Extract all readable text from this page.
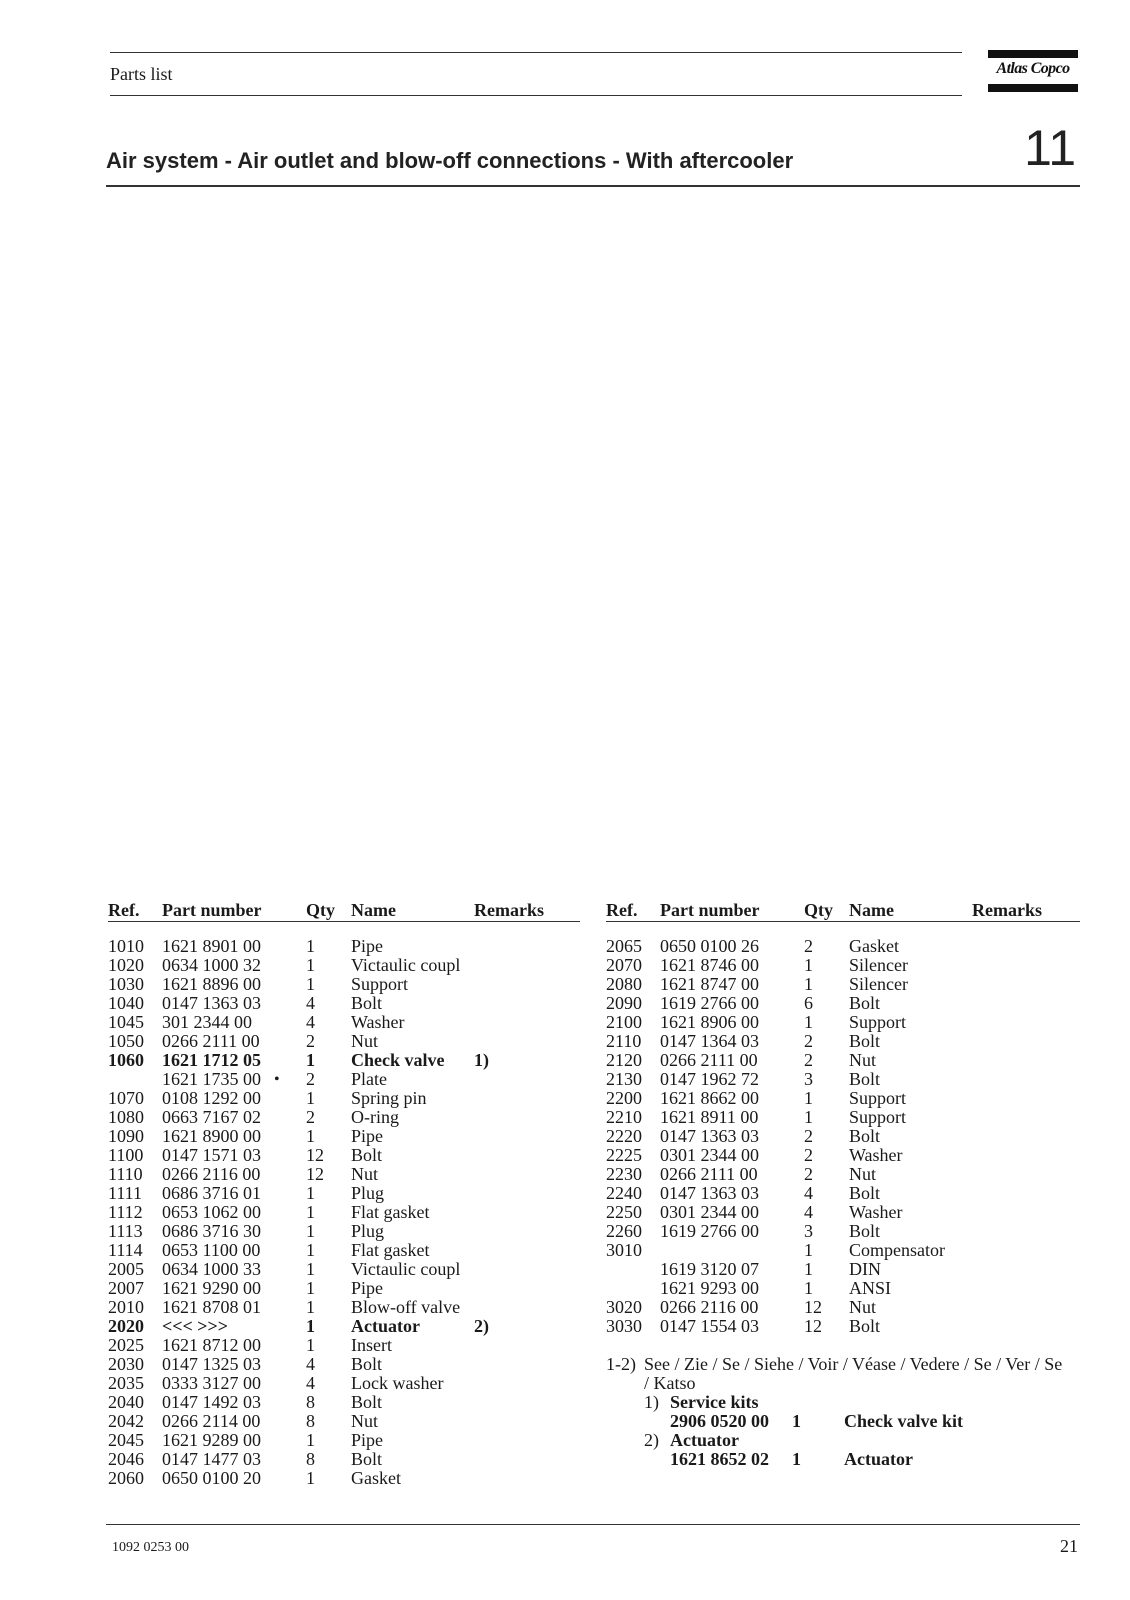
Parts list	Atlas Copco
Air system - Air outlet and blow-off connections - With aftercooler	11
Ref. Part number Qty Name	Remarks
1010 1621 8901 00	1 Pipe
1020 0634 1000 32	1 Victaulic coupl
1030 1621 8896 00	1 Support
1040 0147 1363 03	4 Bolt
1045 301 2344 00	4 Washer
1050 0266 2111 00	2 Nut
1060 1621 1712 05	1 Check valve 1)
1621 1735 00	2 Plate
•
1070 0108 1292 00	1 Spring pin
1080 0663 7167 02	2 O-ring
1090 1621 8900 00	1 Pipe
1100 0147 1571 03	12 Bolt
1110 0266 2116 00	12 Nut
1111 0686 3716 01	1 Plug
1112 0653 1062 00	1 Flat gasket
1113 0686 3716 30	1 Plug
1114 0653 1100 00	1 Flat gasket
2005 0634 1000 33	1 Victaulic coupl
2007 1621 9290 00	1 Pipe
2010 1621 8708 01	1 Blow-off valve
2020 <<< >>>	1 Actuator	2)
2025 1621 8712 00	1 Insert
2030 0147 1325 03	4 Bolt
2035 0333 3127 00	4 Lock washer
2040 0147 1492 03	8 Bolt
2042 0266 2114 00	8 Nut
2045 1621 9289 00	1 Pipe
2046 0147 1477 03	8 Bolt
2060 0650 0100 20	1 Gasket
Ref. Part number Qty Name	Remarks
2065 0650 0100 26	2 Gasket
2070 1621 8746 00	1 Silencer
2080 1621 8747 00	1 Silencer
2090 1619 2766 00	6 Bolt
2100 1621 8906 00	1 Support
2110 0147 1364 03	2 Bolt
2120 0266 2111 00	2 Nut
2130 0147 1962 72	3 Bolt
2200 1621 8662 00	1 Support
2210 1621 8911 00	1 Support
2220 0147 1363 03	2 Bolt
2225 0301 2344 00	2 Washer
2230 0266 2111 00	2 Nut
2240 0147 1363 03	4 Bolt
2250 0301 2344 00	4 Washer
2260 1619 2766 00	3 Bolt
3010	1 Compensator
1619 3120 07	1 DIN
1621 9293 00	1 ANSI
3020 0266 2116 00	12 Nut
3030 0147 1554 03	12 Bolt
1-2) See / Zie / Se / Siehe / Voir / Véase / Vedere / Se / Ver / Se
/ Katso
1) Service kits
2906 0520 00 1 Check valve kit
2) Actuator
1621 8652 02 1 Actuator
1092 0253 00	21
